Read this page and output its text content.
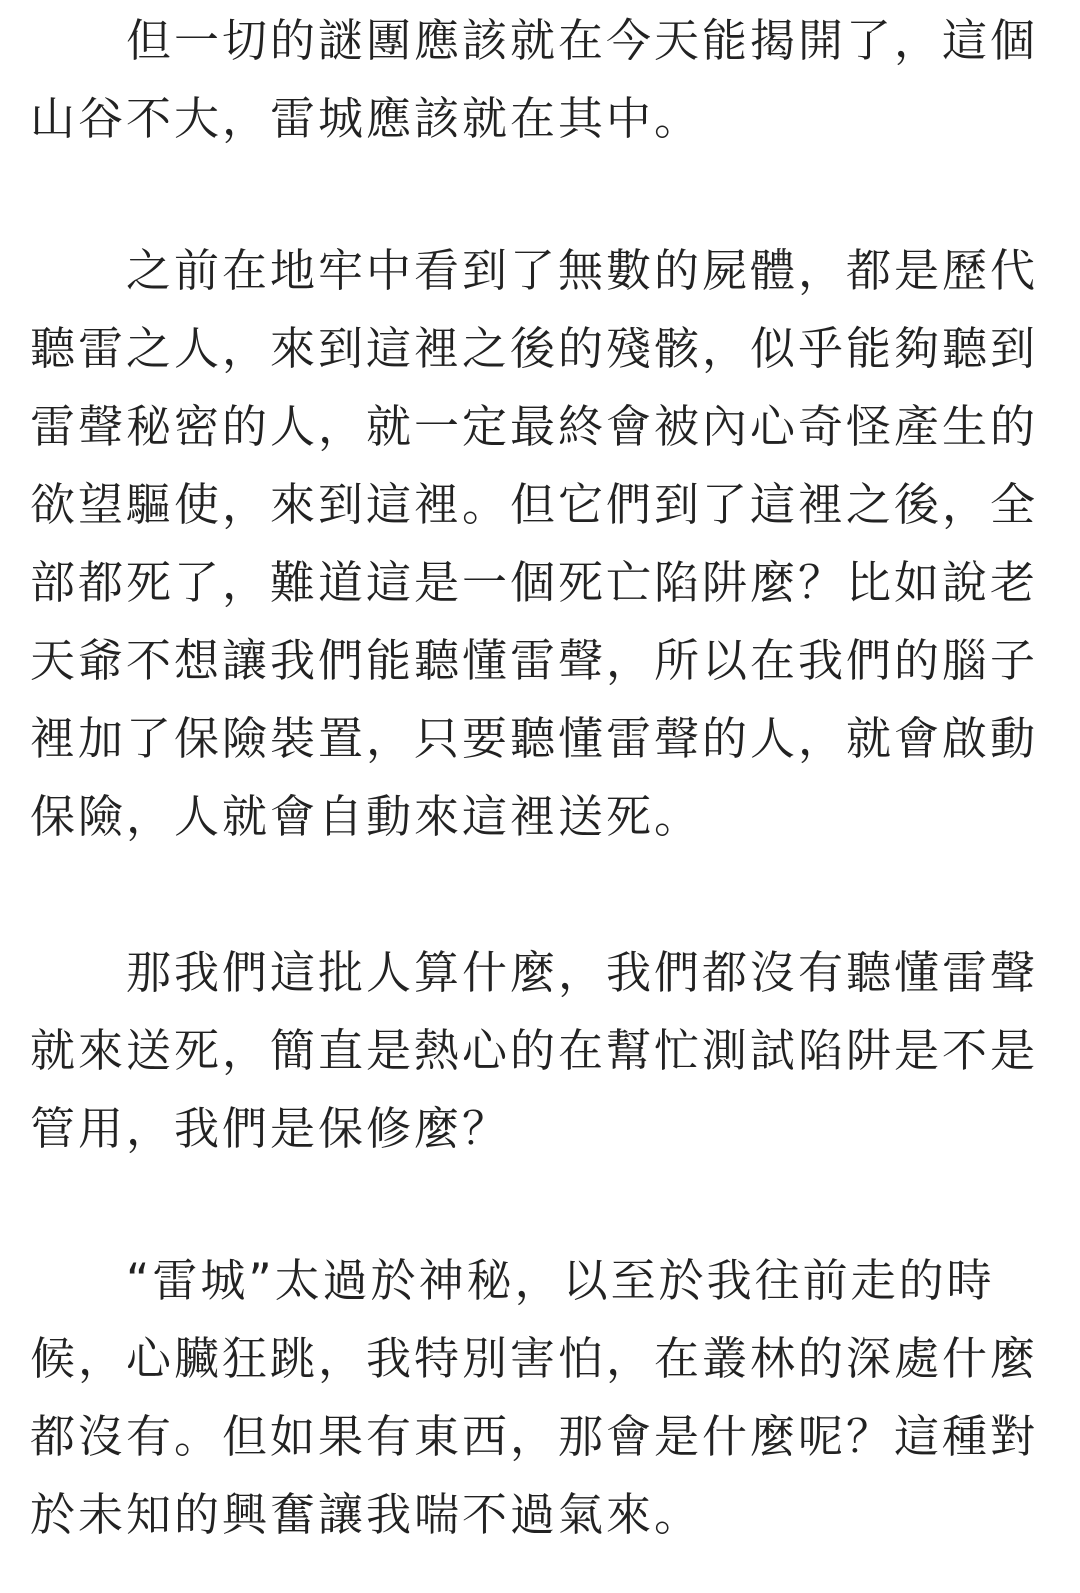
但一切的謎團應該就在今天能揭開了，這個
山谷不大，雷城應該就在其中。
之前在地牢中看到了無數的屍體，都是歷代
聽雷之人，來到這裡之後的殘骸，似乎能夠聽到
雷聲秘密的人，就一定最終會被內心奇怪產生的
欲望驅使，來到這裡。但它們到了這裡之後，全
部都死了，難道這是一個死亡陷阱麼？比如說老
天爺不想讓我們能聽懂雷聲，所以在我們的腦子
裡加了保險裝置，只要聽懂雷聲的人，就會啟動
保險，人就會自動來這裡送死。
那我們這批人算什麼，我們都沒有聽懂雷聲
就來送死，簡直是熱心的在幫忙測試陷阱是不是
管用，我們是保修麼？
“雷城”太過於神秘，以至於我往前走的時
候，心臟狂跳，我特別害怕，在叢林的深處什麼
都沒有。但如果有東西，那會是什麼呢？這種對
於未知的興奮讓我喘不過氣來。
